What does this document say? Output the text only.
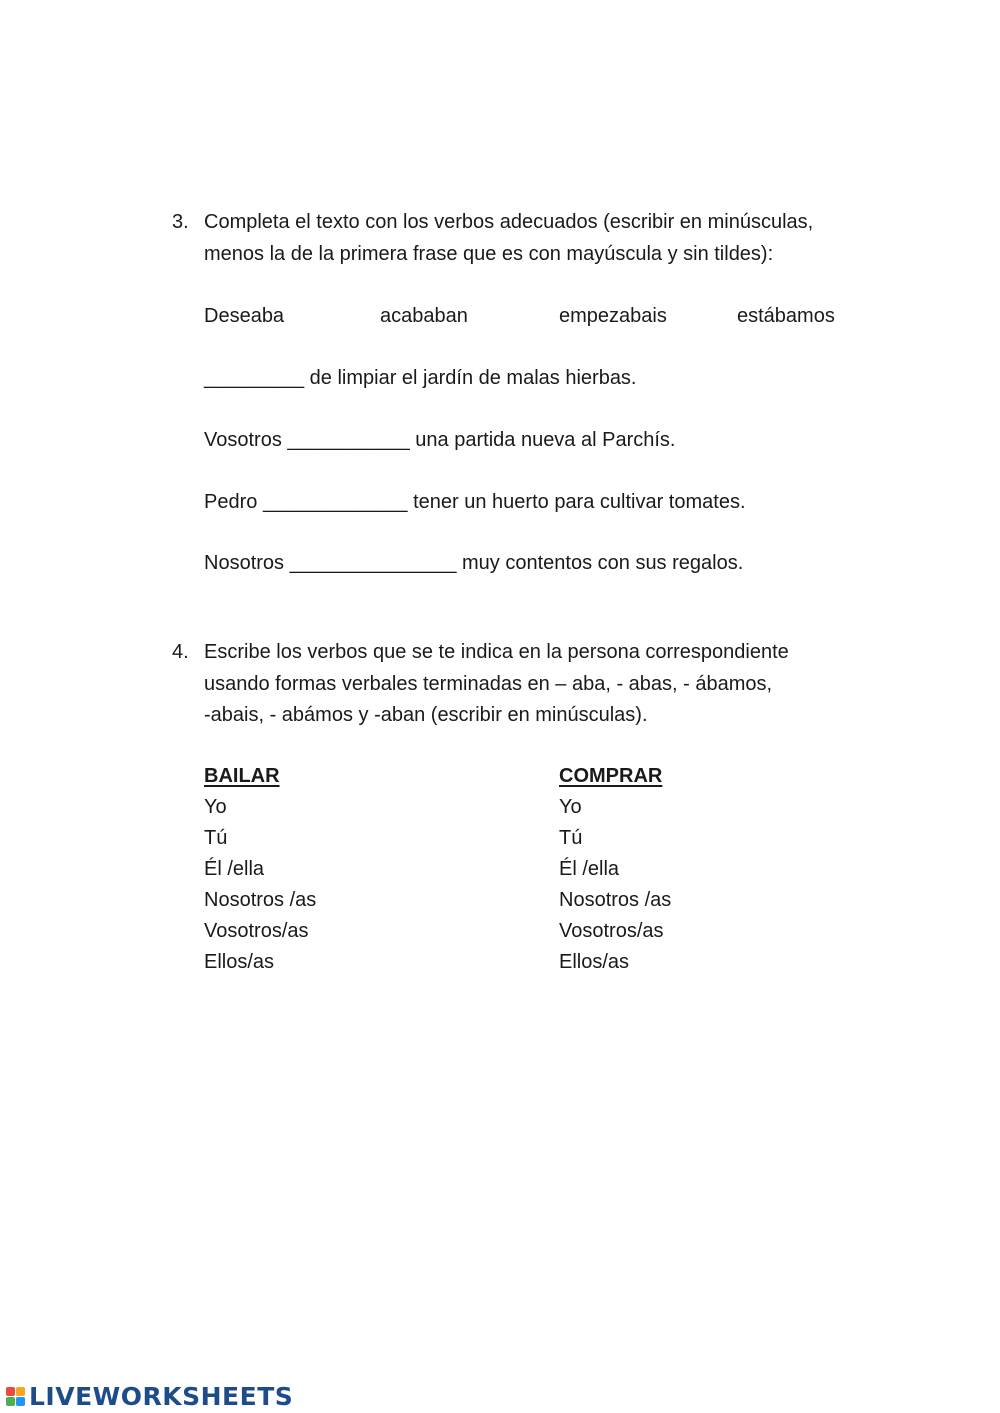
3. Completa el texto con los verbos adecuados (escribir en minúsculas,
menos la de la primera frase que es con mayúscula y sin tildes):
Deseaba	acababan	empezabais	estábamos
_________ de limpiar el jardín de malas hierbas.
Vosotros ___________ una partida nueva al Parchís.
Pedro _____________ tener un huerto para cultivar tomates.
Nosotros _______________ muy contentos con sus regalos.
4. Escribe los verbos que se te indica en la persona correspondiente
usando formas verbales terminadas en – aba, - abas, - ábamos,
-abais, - abámos y -aban (escribir en minúsculas).
BAILAR
Yo
Tú
Él /ella
Nosotros /as
Vosotros/as
Ellos/as
COMPRAR
Yo
Tú
Él /ella
Nosotros /as
Vosotros/as
Ellos/as
LIVEWORKSHEETS
